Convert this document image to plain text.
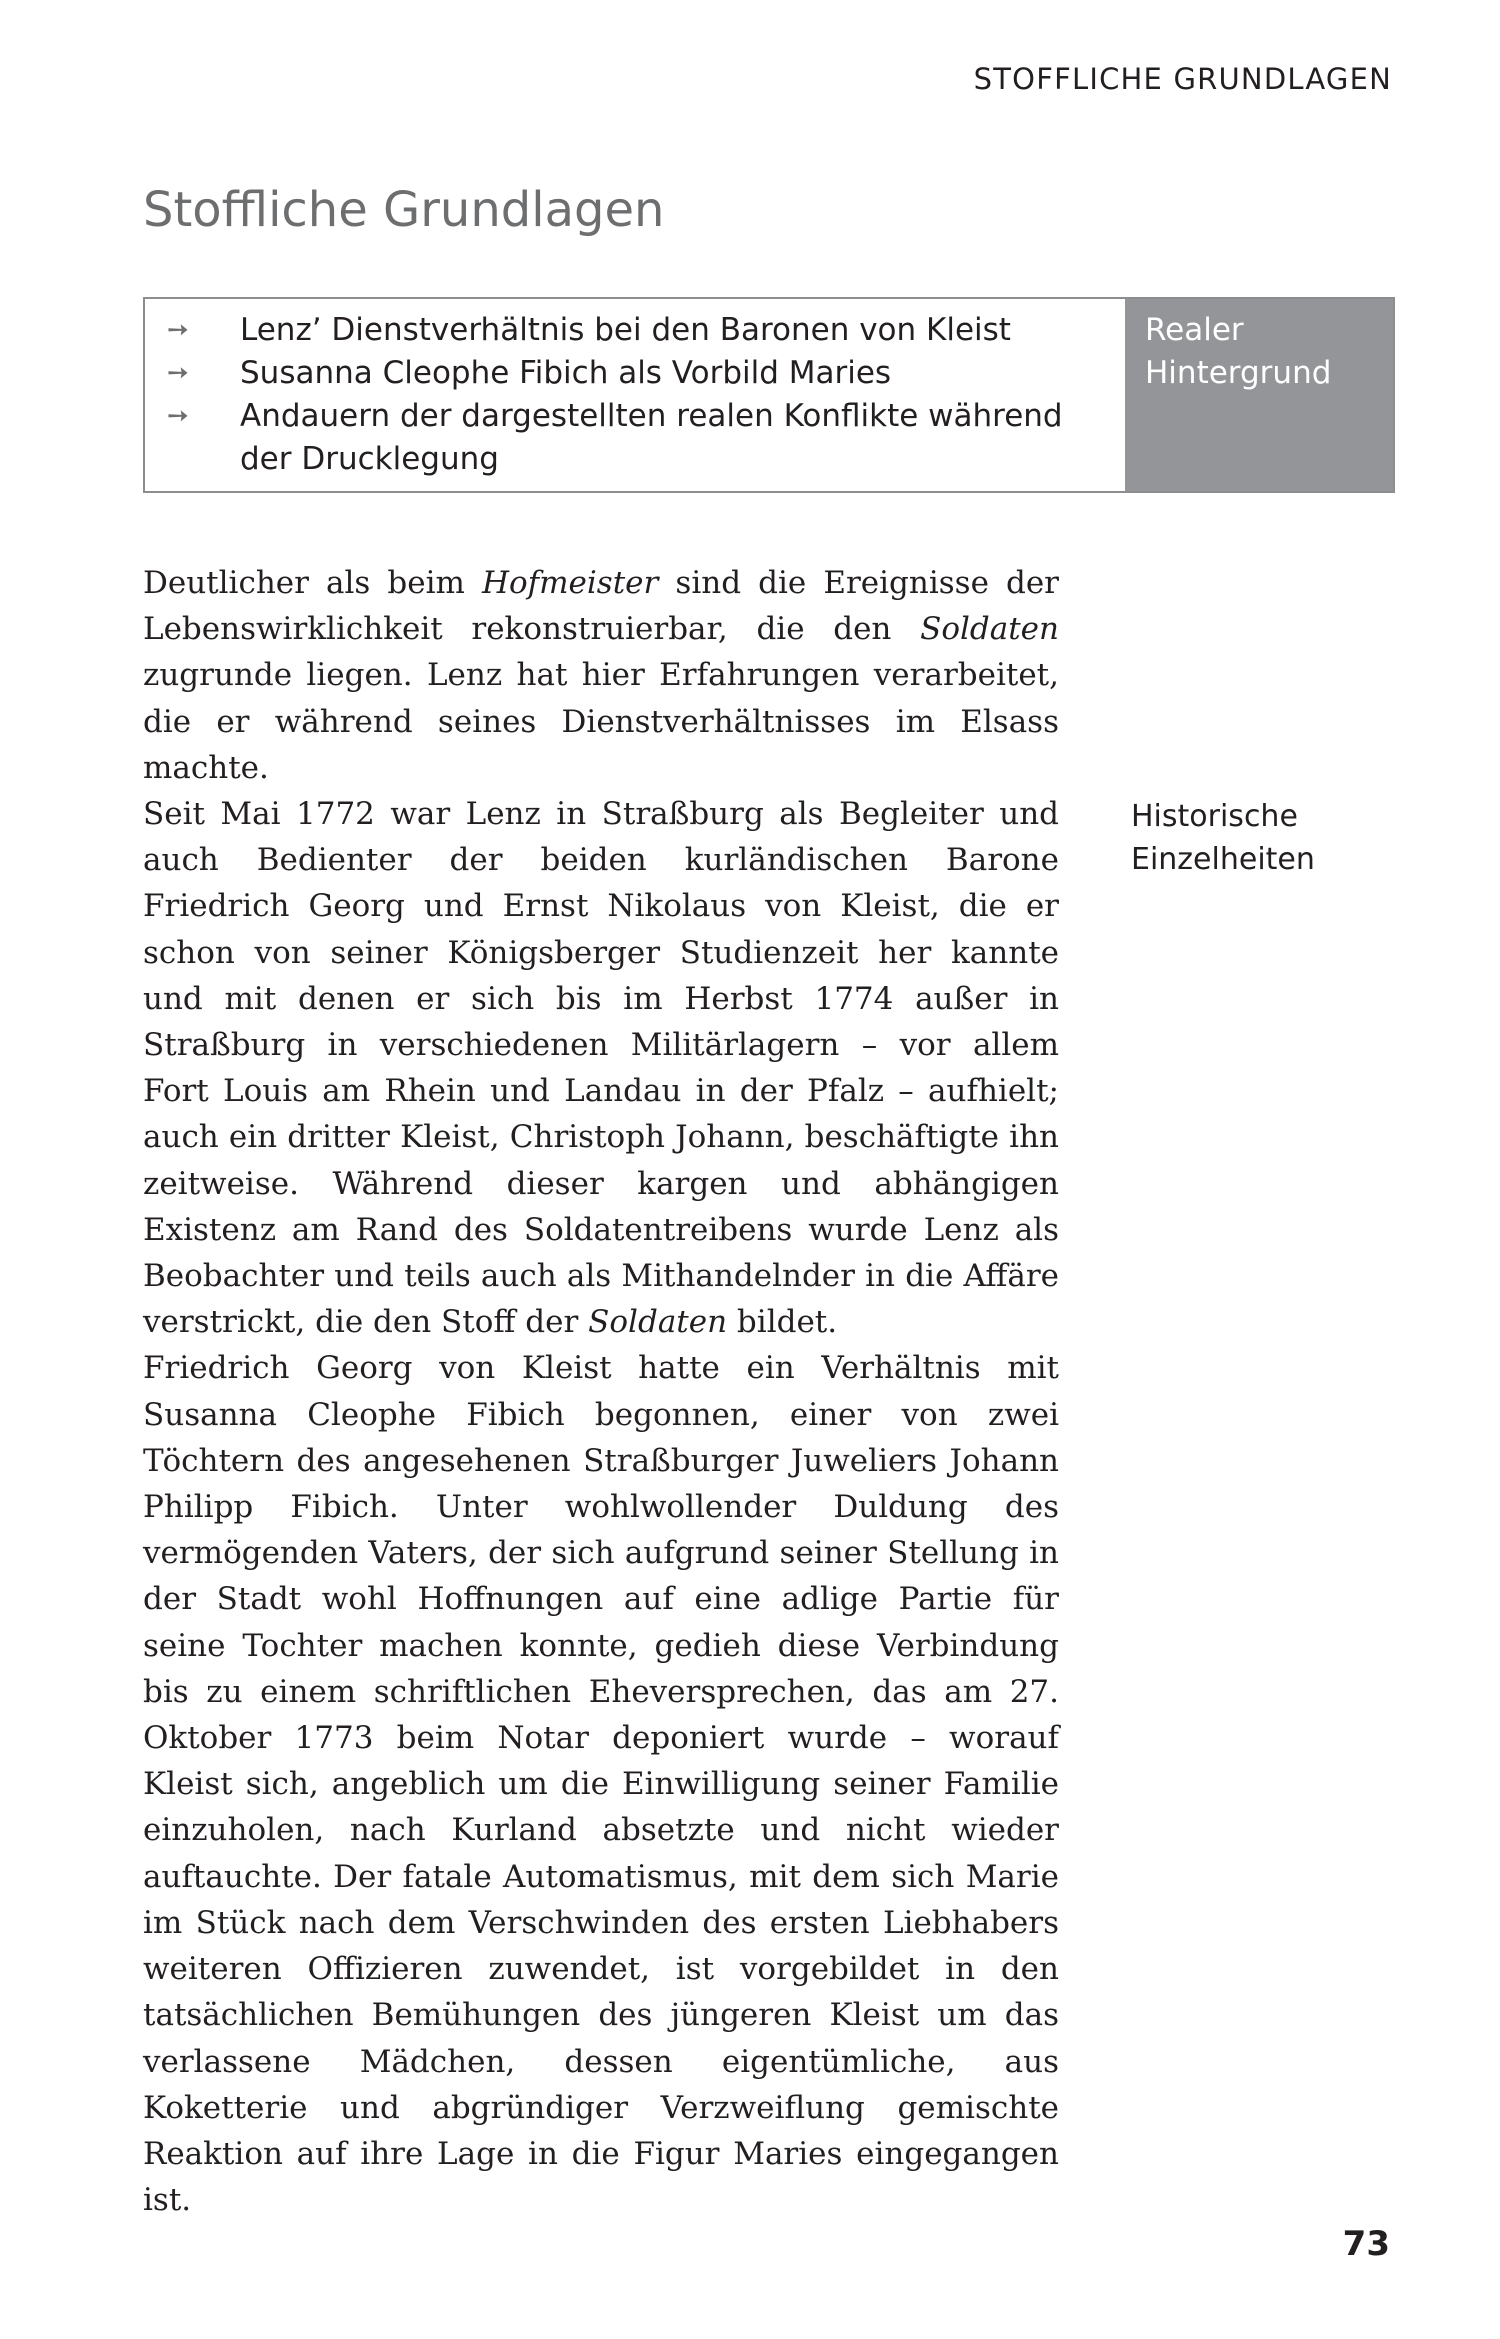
STOFFLICHE GRUNDLAGEN
Stoffliche Grundlagen
➙ Lenz’ Dienstverhältnis bei den Baronen von Kleist
➙ Susanna Cleophe Fibich als Vorbild Maries
➙ Andauern der dargestellten realen Konflikte während der Drucklegung
Realer
Hintergrund

Deutlicher als beim Hofmeister sind die Ereignisse der Lebenswirklichkeit rekonstruierbar, die den Soldaten zugrunde liegen. Lenz hat hier Erfahrungen verarbeitet, die er während seines Dienstverhältnisses im Elsass machte.

Seit Mai 1772 war Lenz in Straßburg als Begleiter und auch Bedienter der beiden kurländischen Barone Friedrich Georg und Ernst Nikolaus von Kleist, die er schon von seiner Königsberger Studienzeit her kannte und mit denen er sich bis im Herbst 1774 außer in Straßburg in verschiedenen Militärlagern – vor allem Fort Louis am Rhein und Landau in der Pfalz – aufhielt; auch ein dritter Kleist, Christoph Johann, beschäftigte ihn zeitweise. Während dieser kargen und abhängigen Existenz am Rand des Soldatentreibens wurde Lenz als Beobachter und teils auch als Mithandelnder in die Affäre verstrickt, die den Stoff der Soldaten bildet.

Friedrich Georg von Kleist hatte ein Verhältnis mit Susanna Cleophe Fibich begonnen, einer von zwei Töchtern des angesehenen Straßburger Juweliers Johann Philipp Fibich. Unter wohlwollender Duldung des vermögenden Vaters, der sich aufgrund seiner Stellung in der Stadt wohl Hoffnungen auf eine adlige Partie für seine Tochter machen konnte, gedieh diese Verbindung bis zu einem schriftlichen Eheversprechen, das am 27. Oktober 1773 beim Notar deponiert wurde – worauf Kleist sich, angeblich um die Einwilligung seiner Familie einzuholen, nach Kurland absetzte und nicht wieder auftauchte. Der fatale Automatismus, mit dem sich Marie im Stück nach dem Verschwinden des ersten Liebhabers weiteren Offizieren zuwendet, ist vorgebildet in den tatsächlichen Bemühungen des jüngeren Kleist um das verlassene Mädchen, dessen eigentümliche, aus Koketterie und abgründiger Verzweiflung gemischte Reaktion auf ihre Lage in die Figur Maries eingegangen ist.

Historische
Einzelheiten
73
